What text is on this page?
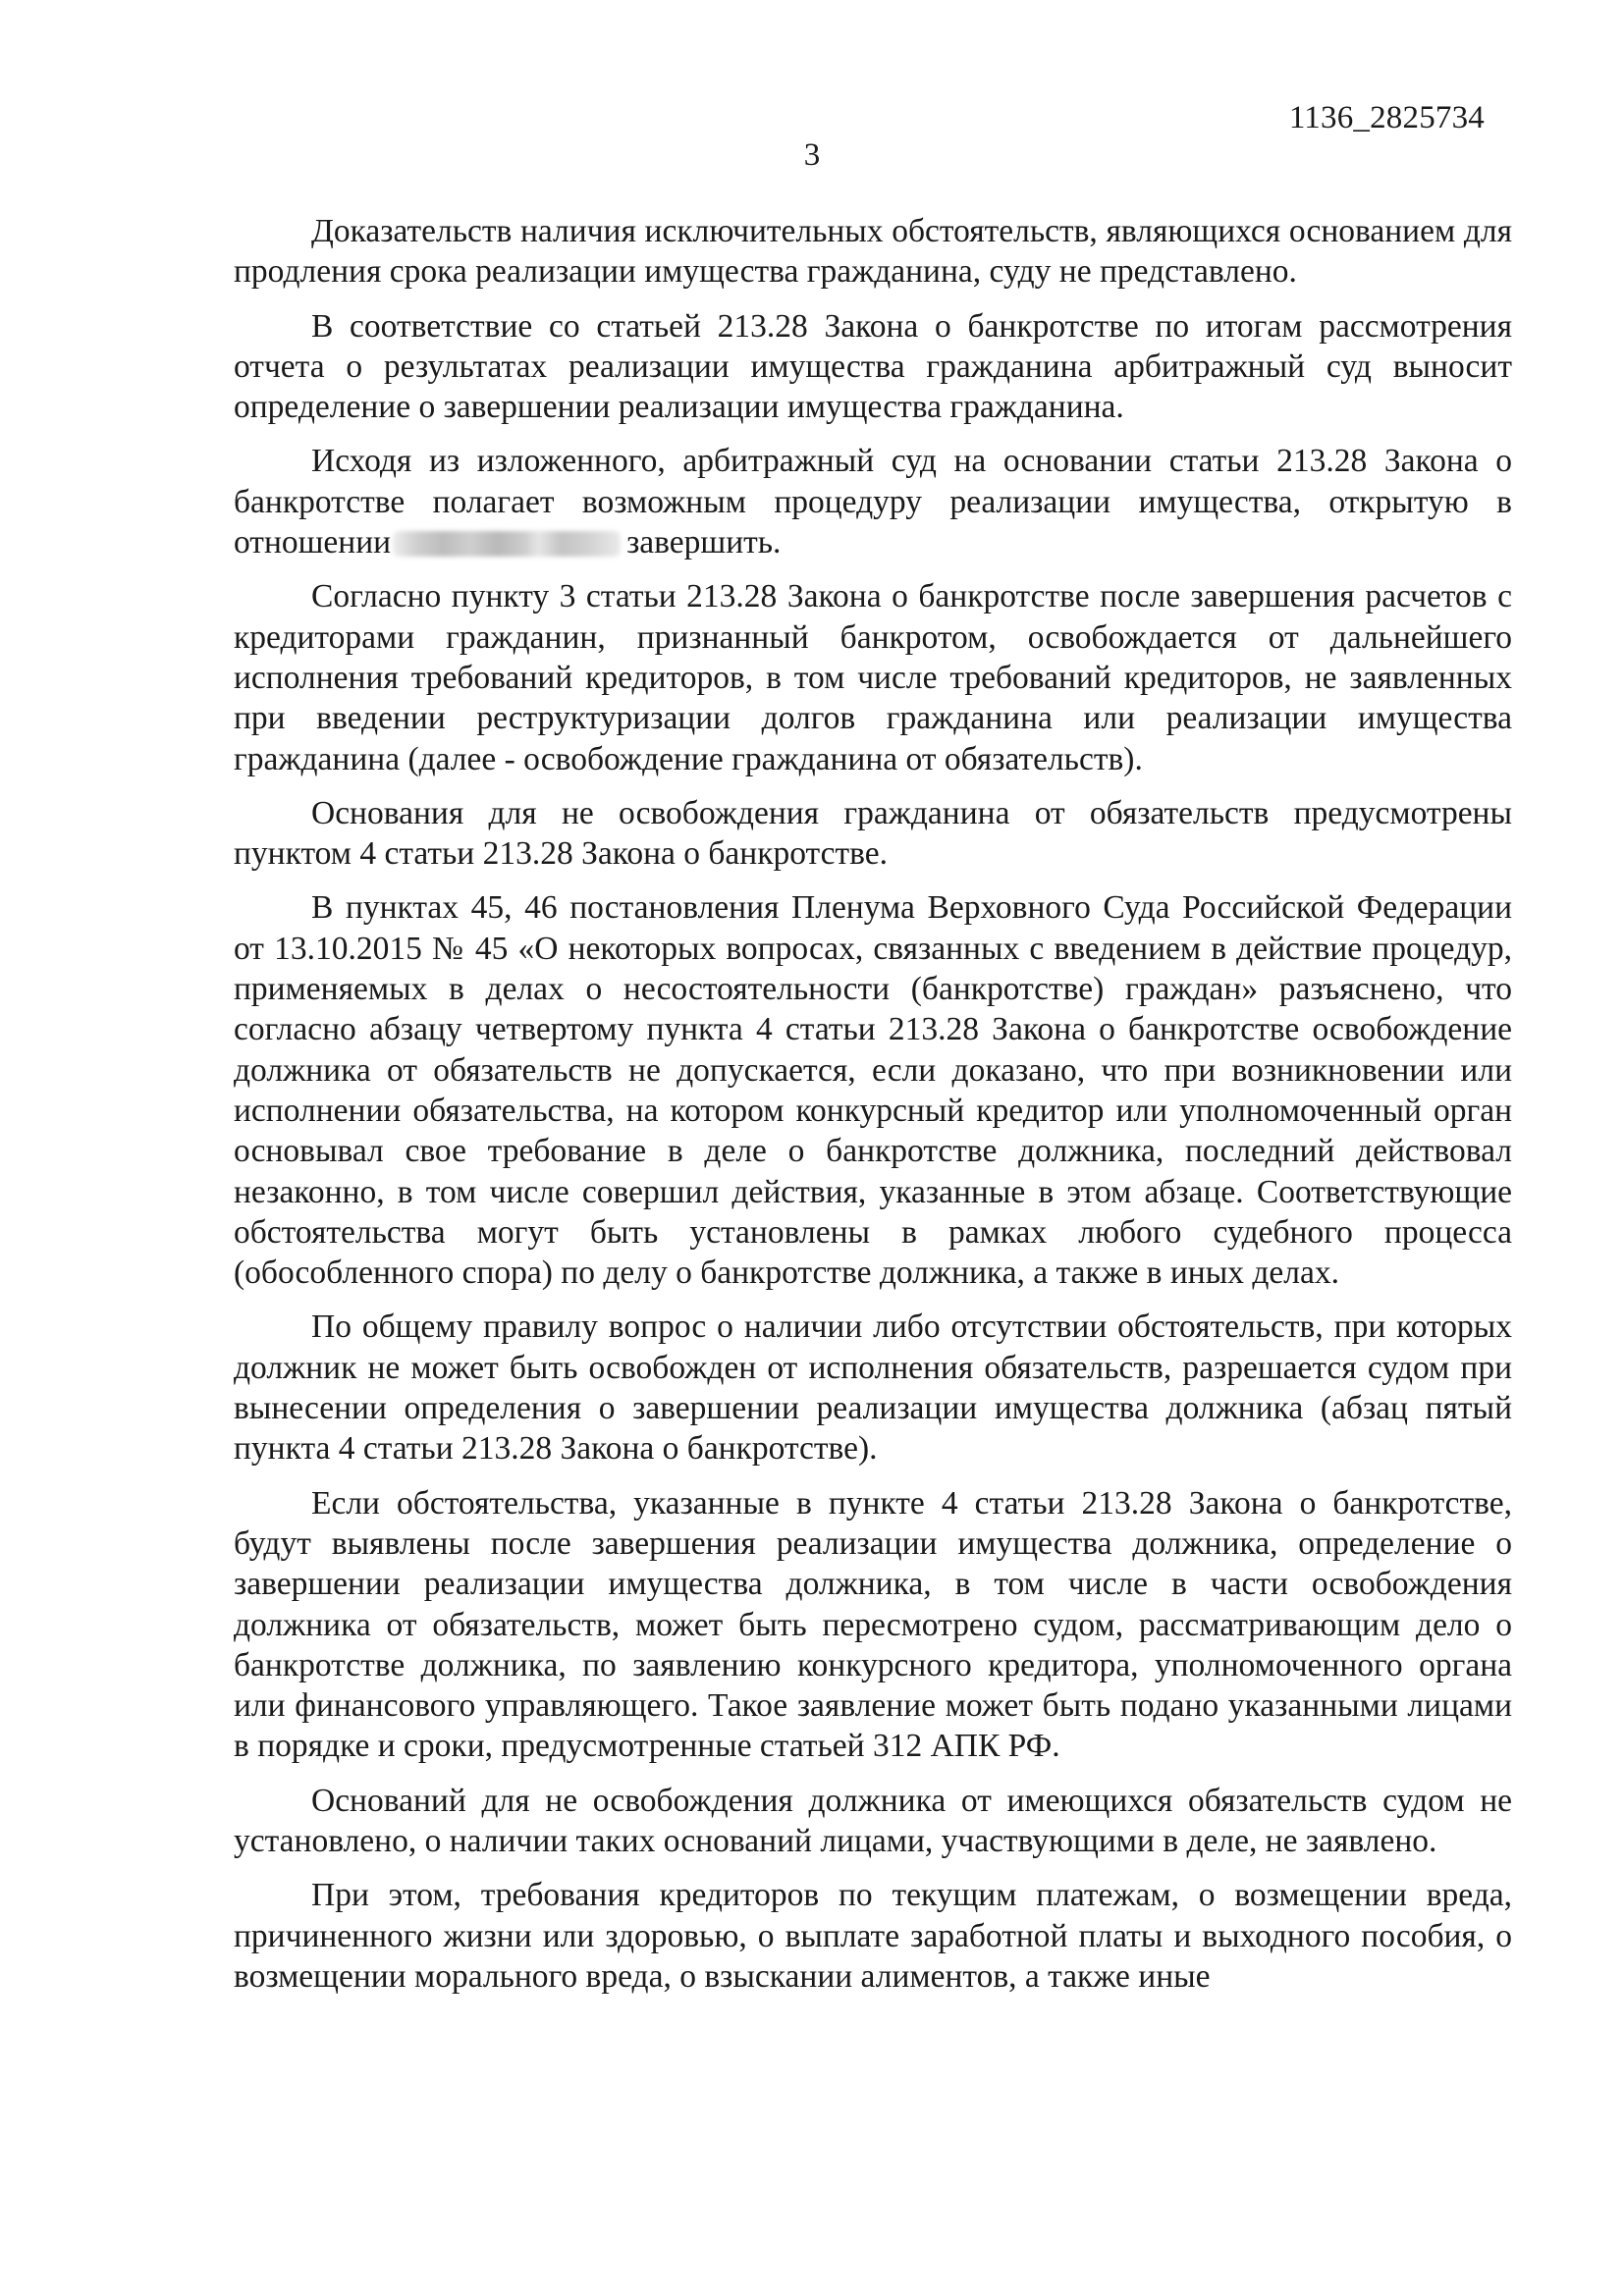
1136_2825734
3

Доказательств наличия исключительных обстоятельств, являющихся основанием для продления срока реализации имущества гражданина, суду не представлено.

В соответствие со статьей 213.28 Закона о банкротстве по итогам рассмотрения отчета о результатах реализации имущества гражданина арбитражный суд выносит определение о завершении реализации имущества гражданина.

Исходя из изложенного, арбитражный суд на основании статьи 213.28 Закона о банкротстве полагает возможным процедуру реализации имущества, открытую в отношении	завершить.

Согласно пункту 3 статьи 213.28 Закона о банкротстве после завершения расчетов с кредиторами гражданин, признанный банкротом, освобождается от дальнейшего исполнения требований кредиторов, в том числе требований кредиторов, не заявленных при введении реструктуризации долгов гражданина или реализации имущества гражданина (далее - освобождение гражданина от обязательств).

Основания для не освобождения гражданина от обязательств предусмотрены пунктом 4 статьи 213.28 Закона о банкротстве.

В пунктах 45, 46 постановления Пленума Верховного Суда Российской Федерации от 13.10.2015 № 45 «О некоторых вопросах, связанных с введением в действие процедур, применяемых в делах о несостоятельности (банкротстве) граждан» разъяснено, что согласно абзацу четвертому пункта 4 статьи 213.28 Закона о банкротстве освобождение должника от обязательств не допускается, если доказано, что при возникновении или исполнении обязательства, на котором конкурсный кредитор или уполномоченный орган основывал свое требование в деле о банкротстве должника, последний действовал незаконно, в том числе совершил действия, указанные в этом абзаце. Соответствующие обстоятельства могут быть установлены в рамках любого судебного процесса (обособленного спора) по делу о банкротстве должника, а также в иных делах.

По общему правилу вопрос о наличии либо отсутствии обстоятельств, при которых должник не может быть освобожден от исполнения обязательств, разрешается судом при вынесении определения о завершении реализации имущества должника (абзац пятый пункта 4 статьи 213.28 Закона о банкротстве).

Если обстоятельства, указанные в пункте 4 статьи 213.28 Закона о банкротстве, будут выявлены после завершения реализации имущества должника, определение о завершении реализации имущества должника, в том числе в части освобождения должника от обязательств, может быть пересмотрено судом, рассматривающим дело о банкротстве должника, по заявлению конкурсного кредитора, уполномоченного органа или финансового управляющего. Такое заявление может быть подано указанными лицами в порядке и сроки, предусмотренные статьей 312 АПК РФ.

Оснований для не освобождения должника от имеющихся обязательств судом не установлено, о наличии таких оснований лицами, участвующими в деле, не заявлено.

При этом, требования кредиторов по текущим платежам, о возмещении вреда, причиненного жизни или здоровью, о выплате заработной платы и выходного пособия, о возмещении морального вреда, о взыскании алиментов, а также иные
